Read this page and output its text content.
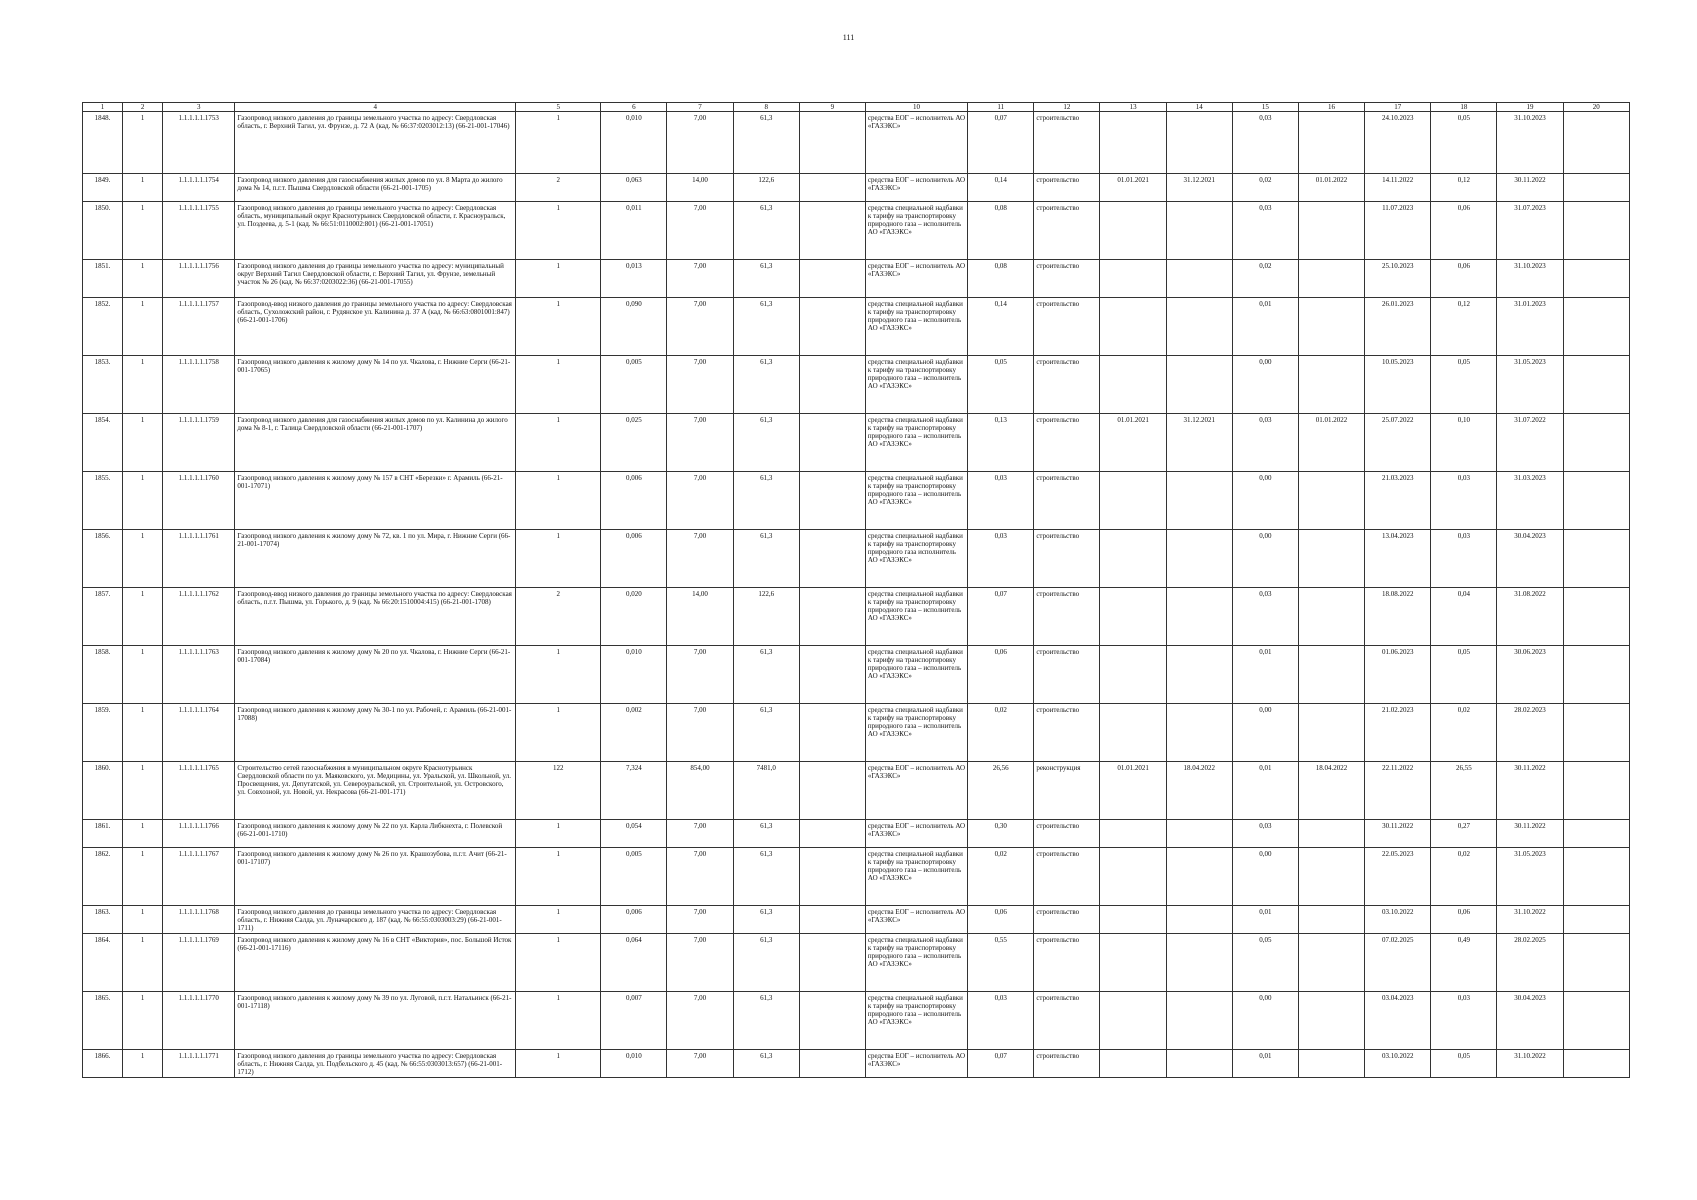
111
1	2	3	4	5	6	7	8	9	10	11	12	13	14	15	16	17	18	19	20
1848.	1	1.1.1.1.1.1753	Газопровод низкого давления до границы земельного участка по адресу: Свердловская область, г. Верхний Тагил, ул. Фрунзе, д. 72 А (кад. № 66:37:0203012:13) (66-21-001-17046)	1	0,010	7,00	61,3		средства ЕОГ – исполнитель АО «ГАЗЭКС»	0,07	строительство			0,03		24.10.2023	0,05	31.10.2023	
1849.	1	1.1.1.1.1.1754	Газопровод низкого давления для газоснабжения жилых домов по ул. 8 Марта до жилого дома № 14, п.г.т. Пышма Свердловской области (66-21-001-1705)	2	0,063	14,00	122,6		средства ЕОГ – исполнитель АО «ГАЗЭКС»	0,14	строительство	01.01.2021	31.12.2021	0,02	01.01.2022	14.11.2022	0,12	30.11.2022	
1850.	1	1.1.1.1.1.1755	Газопровод низкого давления до границы земельного участка по адресу: Свердловская область, муниципальный округ Краснотурьинск Свердловской области, г. Красноуральск, ул. Поздеева, д. 5-1 (кад. № 66:51:0110002:801) (66-21-001-17051)	1	0,011	7,00	61,3		средства специальной надбавки к тарифу на транспортировку природного газа – исполнитель АО «ГАЗЭКС»	0,08	строительство			0,03		11.07.2023	0,06	31.07.2023	
1851.	1	1.1.1.1.1.1756	Газопровод низкого давления до границы земельного участка по адресу: муниципальный округ Верхний Тагил Свердловской области, г. Верхний Тагил, ул. Фрунзе, земельный участок № 26 (кад. № 66:37:0203022:36) (66-21-001-17055)	1	0,013	7,00	61,3		средства ЕОГ – исполнитель АО «ГАЗЭКС»	0,08	строительство			0,02		25.10.2023	0,06	31.10.2023	
1852.	1	1.1.1.1.1.1757	Газопровод-ввод низкого давления до границы земельного участка по адресу: Свердловская область, Сухоложский район, г. Рудянское ул. Калинина д. 37 А (кад. № 66:63:0801001:847) (66-21-001-1706)	1	0,090	7,00	61,3		средства специальной надбавки к тарифу на транспортировку природного газа – исполнитель АО «ГАЗЭКС»	0,14	строительство			0,01		26.01.2023	0,12	31.01.2023	
1853.	1	1.1.1.1.1.1758	Газопровод низкого давления к жилому дому № 14 по ул. Чкалова, г. Нижние Серги (66-21-001-17065)	1	0,005	7,00	61,3		средства специальной надбавки к тарифу на транспортировку природного газа – исполнитель АО «ГАЗЭКС»	0,05	строительство			0,00		10.05.2023	0,05	31.05.2023	
1854.	1	1.1.1.1.1.1759	Газопровод низкого давления для газоснабжения жилых домов по ул. Калинина до жилого дома № 8-1, г. Талица Свердловской области (66-21-001-1707)	1	0,025	7,00	61,3		средства специальной надбавки к тарифу на транспортировку природного газа – исполнитель АО «ГАЗЭКС»	0,13	строительство	01.01.2021	31.12.2021	0,03	01.01.2022	25.07.2022	0,10	31.07.2022	
1855.	1	1.1.1.1.1.1760	Газопровод низкого давления к жилому дому № 157 в СНТ «Березки» г. Арамиль (66-21-001-17071)	1	0,006	7,00	61,3		средства специальной надбавки к тарифу на транспортировку природного газа – исполнитель АО «ГАЗЭКС»	0,03	строительство			0,00		21.03.2023	0,03	31.03.2023	
1856.	1	1.1.1.1.1.1761	Газопровод низкого давления к жилому дому № 72, кв. 1 по ул. Мира, г. Нижние Серги (66-21-001-17074)	1	0,006	7,00	61,3		средства специальной надбавки к тарифу на транспортировку природного газа исполнитель АО «ГАЗЭКС»	0,03	строительство			0,00		13.04.2023	0,03	30.04.2023	
1857.	1	1.1.1.1.1.1762	Газопровод-ввод низкого давления до границы земельного участка по адресу: Свердловская область, п.г.т. Пышма, ул. Горького, д. 9 (кад. № 66:20:1510004:415) (66-21-001-1708)	2	0,020	14,00	122,6		средства специальной надбавки к тарифу на транспортировку природного газа – исполнитель АО «ГАЗЭКС»	0,07	строительство			0,03		18.08.2022	0,04	31.08.2022	
1858.	1	1.1.1.1.1.1763	Газопровод низкого давления к жилому дому № 20 по ул. Чкалова, г. Нижние Серги (66-21-001-17084)	1	0,010	7,00	61,3		средства специальной надбавки к тарифу на транспортировку природного газа – исполнитель АО «ГАЗЭКС»	0,06	строительство			0,01		01.06.2023	0,05	30.06.2023	
1859.	1	1.1.1.1.1.1764	Газопровод низкого давления к жилому дому № 30-1 по ул. Рабочей, г. Арамиль (66-21-001-17088)	1	0,002	7,00	61,3		средства специальной надбавки к тарифу на транспортировку природного газа – исполнитель АО «ГАЗЭКС»	0,02	строительство			0,00		21.02.2023	0,02	28.02.2023	
1860.	1	1.1.1.1.1.1765	Строительство сетей газоснабжения в муниципальном округе Краснотурьинск Свердловской области по ул. Маяковского, ул. Медицины, ул. Уральской, ул. Школьной, ул. Просвещения, ул. Депутатской, ул. Североуральской, ул. Строительной, ул. Островского, ул. Совхозной, ул. Новой, ул. Некрасова (66-21-001-171)	122	7,324	854,00	7481,0		средства ЕОГ – исполнитель АО «ГАЗЭКС»	26,56	реконструкция	01.01.2021	18.04.2022	0,01	18.04.2022	22.11.2022	26,55	30.11.2022	
1861.	1	1.1.1.1.1.1766	Газопровод низкого давления к жилому дому № 22 по ул. Карла Либкнехта, г. Полевской (66-21-001-1710)	1	0,054	7,00	61,3		средства ЕОГ – исполнитель АО «ГАЗЭКС»	0,30	строительство			0,03		30.11.2022	0,27	30.11.2022	
1862.	1	1.1.1.1.1.1767	Газопровод низкого давления к жилому дому № 26 по ул. Крашозубова, п.г.т. Ачит (66-21-001-17107)	1	0,005	7,00	61,3		средства специальной надбавки к тарифу на транспортировку природного газа – исполнитель АО «ГАЗЭКС»	0,02	строительство			0,00		22.05.2023	0,02	31.05.2023	
1863.	1	1.1.1.1.1.1768	Газопровод низкого давления до границы земельного участка по адресу: Свердловская область, г. Нижняя Салда, ул. Луначарского д. 187 (кад. № 66:55:0303003:29) (66-21-001-1711)	1	0,006	7,00	61,3		средства ЕОГ – исполнитель АО «ГАЗЭКС»	0,06	строительство			0,01		03.10.2022	0,06	31.10.2022	
1864.	1	1.1.1.1.1.1769	Газопровод низкого давления к жилому дому № 16 в СНТ «Виктория», пос. Большой Исток (66-21-001-17116)	1	0,064	7,00	61,3		средства специальной надбавки к тарифу на транспортировку природного газа – исполнитель АО «ГАЗЭКС»	0,55	строительство			0,05		07.02.2025	0,49	28.02.2025	
1865.	1	1.1.1.1.1.1770	Газопровод низкого давления к жилому дому № 39 по ул. Луговой, п.г.т. Натальинск (66-21-001-17118)	1	0,007	7,00	61,3		средства специальной надбавки к тарифу на транспортировку природного газа – исполнитель АО «ГАЗЭКС»	0,03	строительство			0,00		03.04.2023	0,03	30.04.2023	
1866.	1	1.1.1.1.1.1771	Газопровод низкого давления до границы земельного участка по адресу: Свердловская область, г. Нижняя Салда, ул. Подбельского д. 45 (кад. № 66:55:0303013:657) (66-21-001-1712)	1	0,010	7,00	61,3		средства ЕОГ – исполнитель АО «ГАЗЭКС»	0,07	строительство			0,01		03.10.2022	0,05	31.10.2022	
